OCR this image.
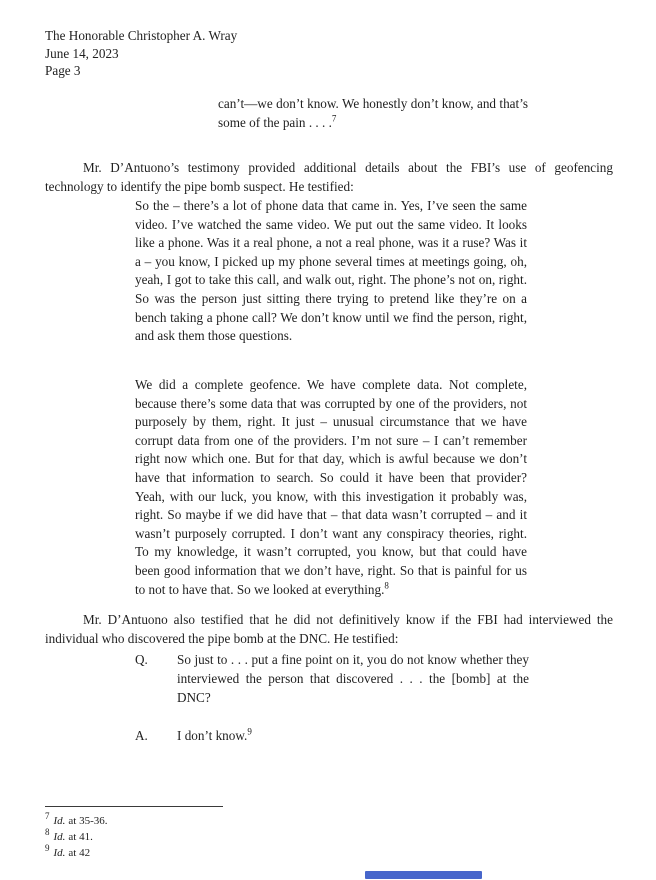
The Honorable Christopher A. Wray
June 14, 2023
Page 3
can’t—we don’t know. We honestly don’t know, and that’s some of the pain . . . .$^7$

Mr. D’Antuono’s testimony provided additional details about the FBI’s use of geofencing technology to identify the pipe bomb suspect. He testified:

So the – there’s a lot of phone data that came in. Yes, I’ve seen the same video. I’ve watched the same video. We put out the same video. It looks like a phone. Was it a real phone, a not a real phone, was it a ruse? Was it a – you know, I picked up my phone several times at meetings going, oh, yeah, I got to take this call, and walk out, right. The phone’s not on, right. So was the person just sitting there trying to pretend like they’re on a bench taking a phone call? We don’t know until we find the person, right, and ask them those questions.
We did a complete geofence. We have complete data. Not complete, because there’s some data that was corrupted by one of the providers, not purposely by them, right. It just – unusual circumstance that we have corrupt data from one of the providers. I’m not sure – I can’t remember right now which one. But for that day, which is awful because we don’t have that information to search. So could it have been that provider? Yeah, with our luck, you know, with this investigation it probably was, right. So maybe if we did have that – that data wasn’t corrupted – and it wasn’t purposely corrupted. I don’t want any conspiracy theories, right. To my knowledge, it wasn’t corrupted, you know, but that could have been good information that we don’t have, right. So that is painful for us to not to have that. So we looked at everything.$^8$

Mr. D’Antuono also testified that he did not definitively know if the FBI had interviewed the individual who discovered the pipe bomb at the DNC. He testified:

Q.	So just to . . . put a fine point on it, you do not know whether they interviewed the person that discovered . . . the [bomb] at the DNC?
A.	I don’t know.$^9$
$^7$ Id. at 35-36.
$^8$ Id. at 41.
$^9$ Id. at 42
